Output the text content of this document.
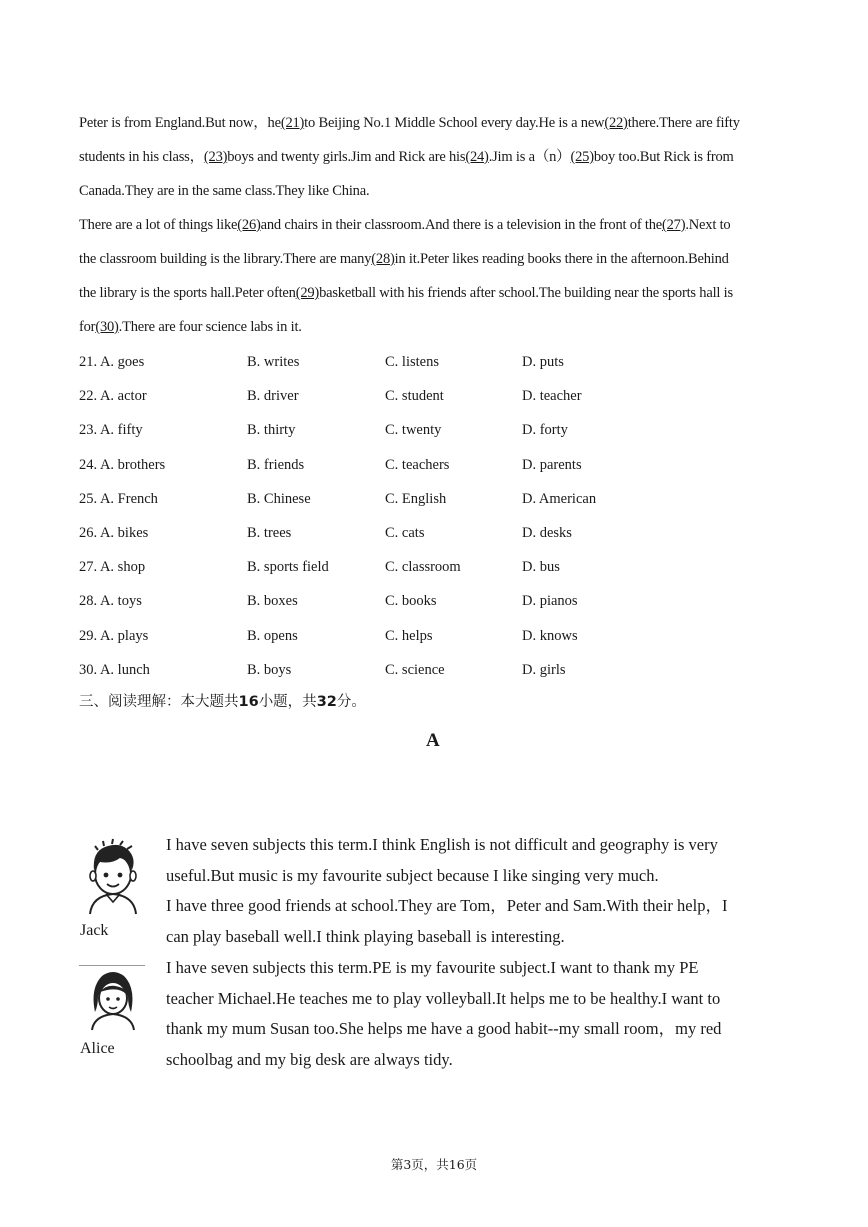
Peter is from England.But now，he(21)to Beijing No.1 Middle School every day.He is a new(22)there.There are fifty
students in his class，(23)boys and twenty girls.Jim and Rick are his(24).Jim is a（n）(25)boy too.But Rick is from
Canada.They are in the same class.They like China.
There are a lot of things like(26)and chairs in their classroom.And there is a television in the front of the(27).Next to
the classroom building is the library.There are many(28)in it.Peter likes reading books there in the afternoon.Behind
the library is the sports hall.Peter often(29)basketball with his friends after school.The building near the sports hall is
for(30).There are four science labs in it.
21. A. goes	B. writes	C. listens	D. puts
22. A. actor	B. driver	C. student	D. teacher
23. A. fifty	B. thirty	C. twenty	D. forty
24. A. brothers	B. friends	C. teachers	D. parents
25. A. French	B. Chinese	C. English	D. American
26. A. bikes	B. trees	C. cats	D. desks
27. A. shop	B. sports field	C. classroom	D. bus
28. A. toys	B. boxes	C. books	D. pianos
29. A. plays	B. opens	C. helps	D. knows
30. A. lunch	B. boys	C. science	D. girls
三、阅读理解：本大题共16小题，共32分。
A
Jack
I have seven subjects this term.I think English is not difficult and geography is very
useful.But music is my favourite subject because I like singing very much.
I have three good friends at school.They are Tom，Peter and Sam.With their help，I
can play baseball well.I think playing baseball is interesting.
Alice
I have seven subjects this term.PE is my favourite subject.I want to thank my PE
teacher Michael.He teaches me to play volleyball.It helps me to be healthy.I want to
thank my mum Susan too.She helps me have a good habit--my small room，my red
schoolbag and my big desk are always tidy.
第3页，共16页
